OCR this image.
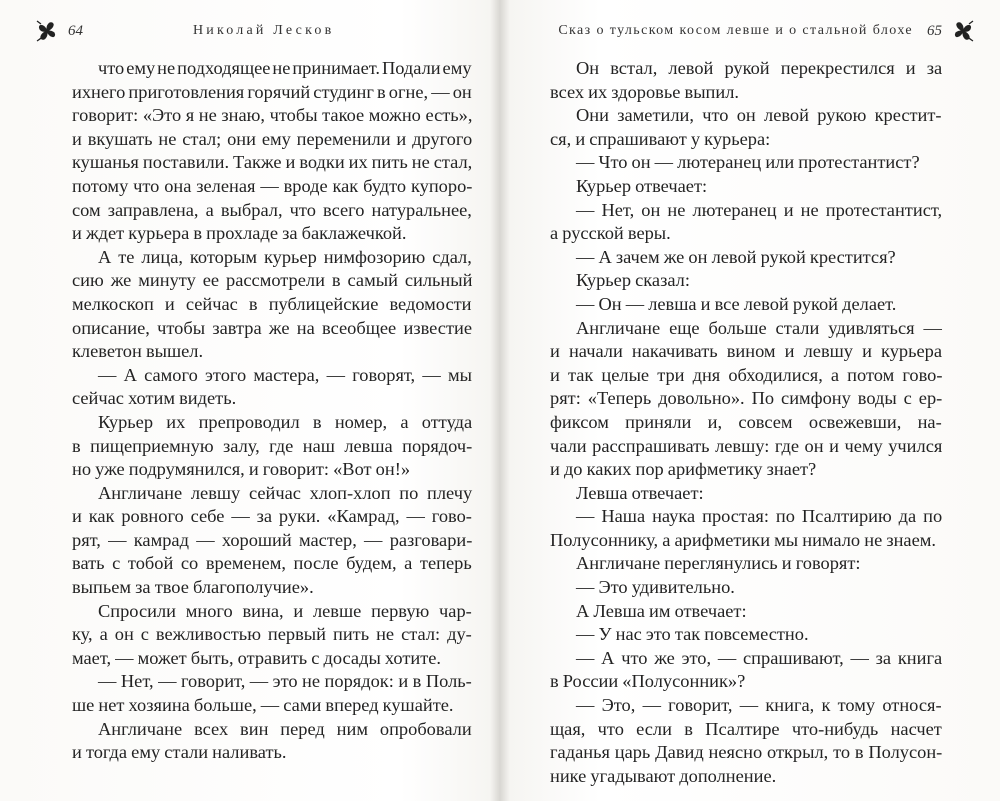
64	Николай Лесков

что ему не подходящее не принимает. Подали ему
ихнего приготовления горячий студинг в огне, — он
говорит: «Это я не знаю, чтобы такое можно есть»,
и вкушать не стал; они ему переменили и другого
кушанья поставили. Также и водки их пить не стал,
потому что она зеленая — вроде как будто купоро-
сом заправлена, а выбрал, что всего натуральнее,
и ждет курьера в прохладе за баклажечкой.

А те лица, которым курьер нимфозорию сдал,
сию же минуту ее рассмотрели в самый сильный
мелкоскоп и сейчас в публицейские ведомости
описание, чтобы завтра же на всеобщее известие
клеветон вышел.

— А самого этого мастера, — говорят, — мы
сейчас хотим видеть.

Курьер их препроводил в номер, а оттуда
в пищеприемную залу, где наш левша порядоч-
но уже подрумянился, и говорит: «Вот он!»

Англичане левшу сейчас хлоп-хлоп по плечу
и как ровного себе — за руки. «Камрад, — гово-
рят, — камрад — хороший мастер, — разговари-
вать с тобой со временем, после будем, а теперь
выпьем за твое благополучие».

Спросили много вина, и левше первую чар-
ку, а он с вежливостью первый пить не стал: ду-
мает, — может быть, отравить с досады хотите.

— Нет, — говорит, — это не порядок: и в Поль-
ше нет хозяина больше, — сами вперед кушайте.

Англичане всех вин перед ним опробовали
и тогда ему стали наливать.

Сказ о тульском косом левше и о стальной блохе 65

Он встал, левой рукой перекрестился и за
всех их здоровье выпил.

Они заметили, что он левой рукою крестит-
ся, и спрашивают у курьера:

— Что он — лютеранец или протестантист?

Курьер отвечает:

— Нет, он не лютеранец и не протестантист,
а русской веры.

— А зачем же он левой рукой крестится?

Курьер сказал:

— Он — левша и все левой рукой делает.

Англичане еще больше стали удивляться —
и начали накачивать вином и левшу и курьера
и так целые три дня обходилися, а потом гово-
рят: «Теперь довольно». По симфону воды с ер-
фиксом приняли и, совсем освежевши, на-
чали расспрашивать левшу: где он и чему учился
и до каких пор арифметику знает?

Левша отвечает:

— Наша наука простая: по Псалтирию да по
Полусоннику, а арифметики мы нимало не знаем.

Англичане переглянулись и говорят:

— Это удивительно.

А Левша им отвечает:

— У нас это так повсеместно.

— А что же это, — спрашивают, — за книга
в России «Полусонник»?

— Это, — говорит, — книга, к тому относя-
щая, что если в Псалтире что-нибудь насчет
гаданья царь Давид неясно открыл, то в Полусон-
нике угадывают дополнение.
